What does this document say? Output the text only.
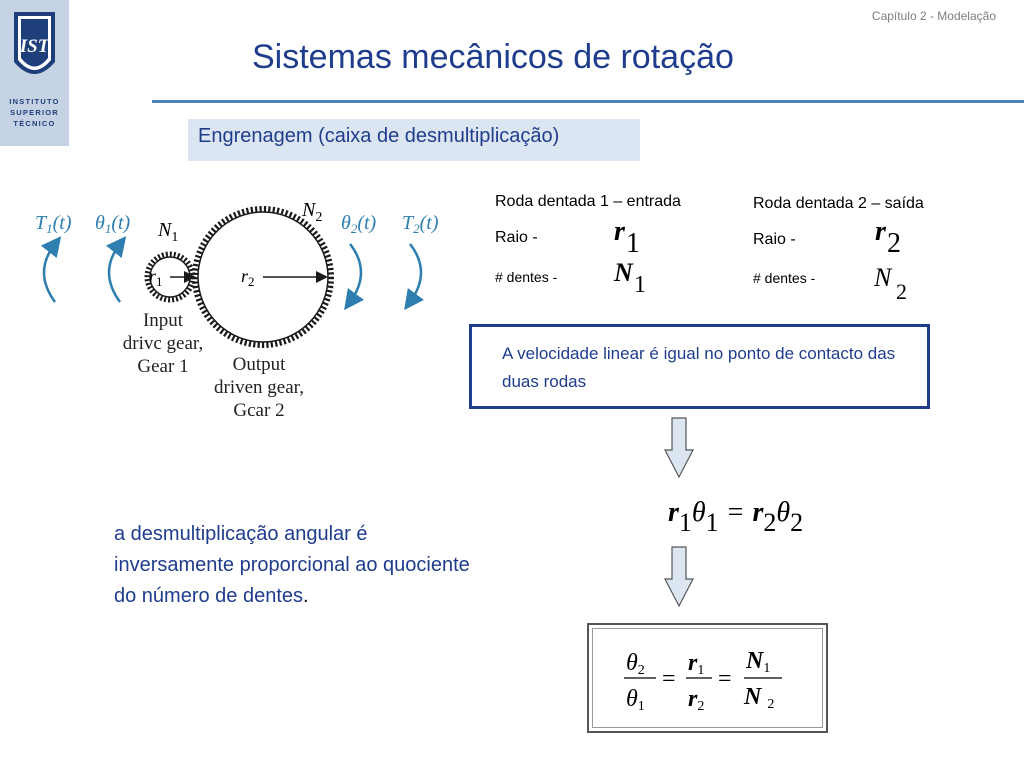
IST
INSTITUTO
SUPERIOR
TÉCNICO
Capítulo 2 - Modelação
Sistemas mecânicos de rotação
Engrenagem (caixa de desmultiplicação)
$T_1(t)$ $\theta_1(t)$ $N_1$
$N_2$ $\theta_2(t)$ $T_2(t)$
$r_1$	$r_2$
Input
drivc gear,
Gear 1 Output
driven gear,
Gcar 2
Roda dentada 1 – entrada
Raio -	r 1
# dentes - N 1
Roda dentada 2 – saída
Raio -	r 2
# dentes - N 2
A velocidade linear é igual no ponto de contacto das duas rodas
r1θ1 = r2θ2
a desmultiplicação angular é inversamente proporcional ao quociente do número de dentes.
θ2
θ1
=
r1
r2
=
N1
N 2
